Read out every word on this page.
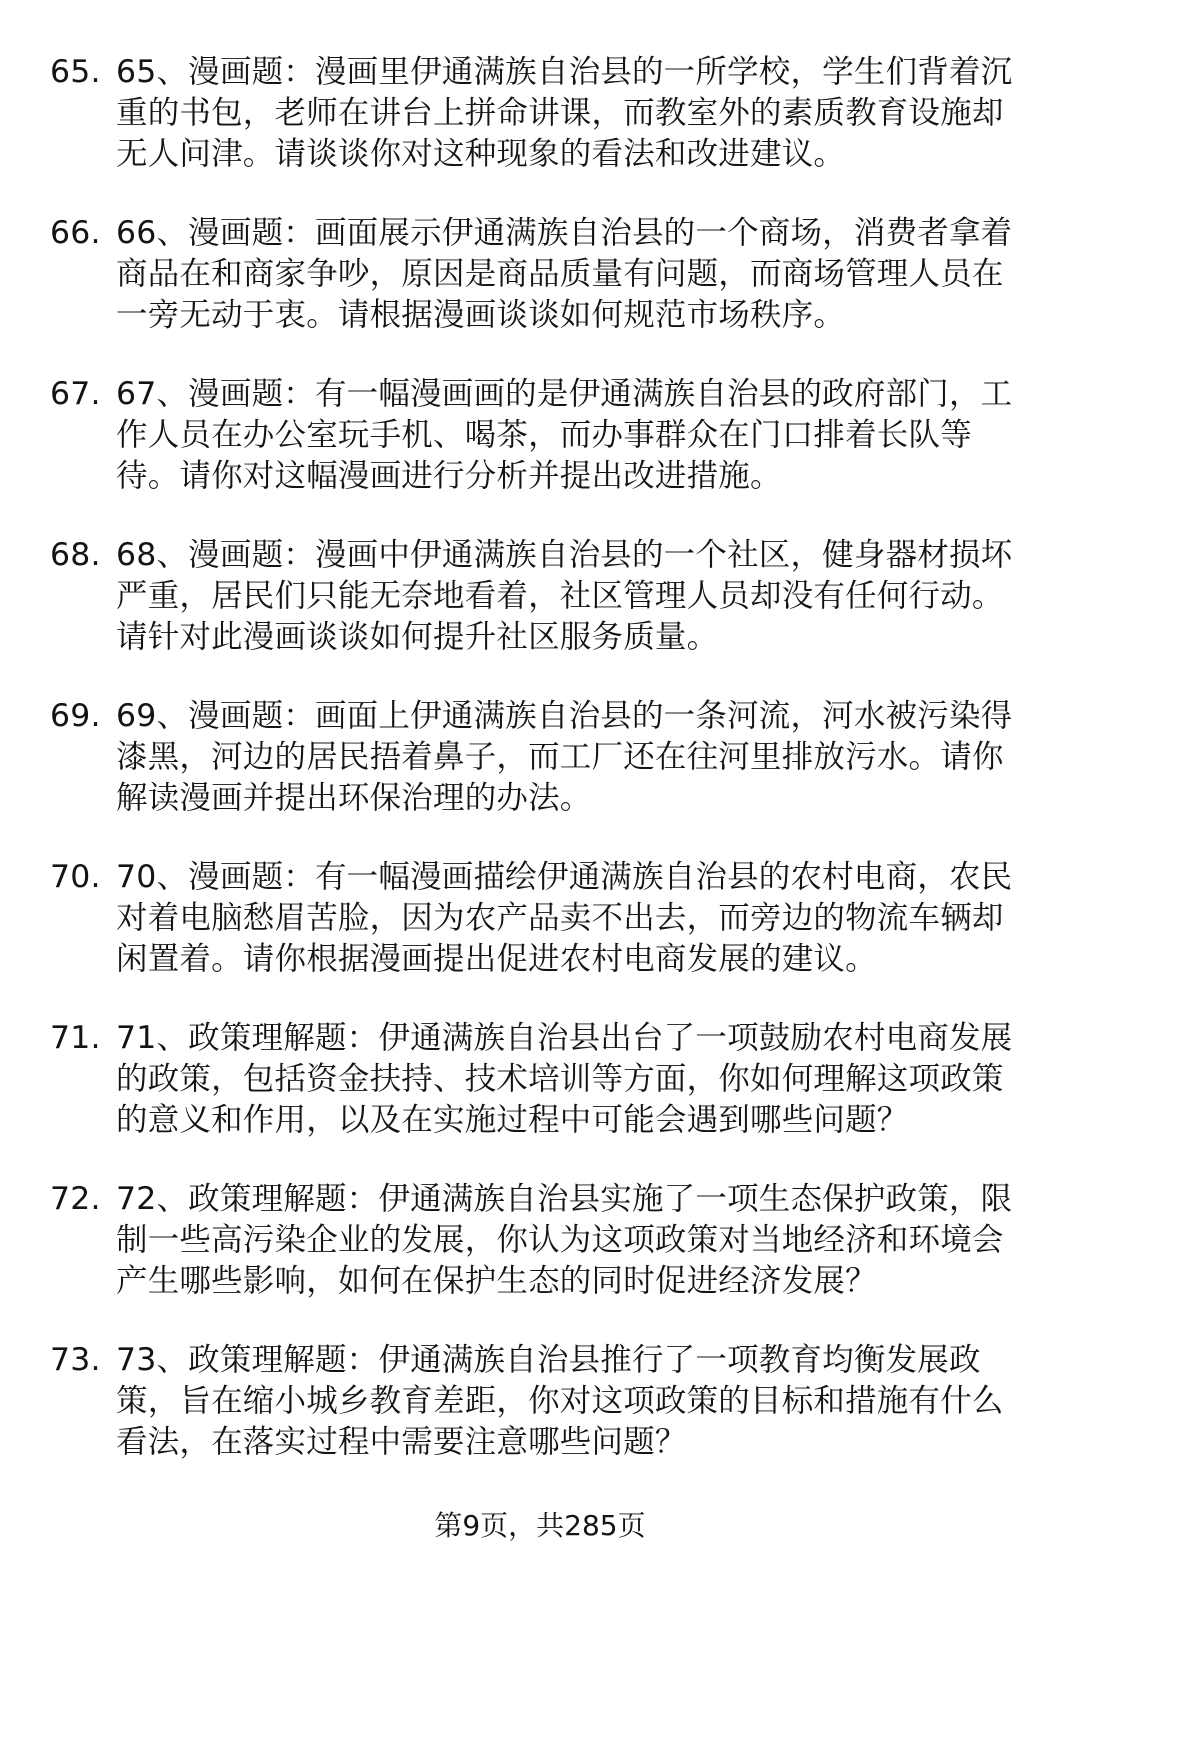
65. 65、漫画题：漫画里伊通满族自治县的一所学校，学生们背着沉重的书包，老师在讲台上拼命讲课，而教室外的素质教育设施却无人问津。请谈谈你对这种现象的看法和改进建议。
66. 66、漫画题：画面展示伊通满族自治县的一个商场，消费者拿着商品在和商家争吵，原因是商品质量有问题，而商场管理人员在一旁无动于衷。请根据漫画谈谈如何规范市场秩序。
67. 67、漫画题：有一幅漫画画的是伊通满族自治县的政府部门，工作人员在办公室玩手机、喝茶，而办事群众在门口排着长队等待。请你对这幅漫画进行分析并提出改进措施。
68. 68、漫画题：漫画中伊通满族自治县的一个社区，健身器材损坏严重，居民们只能无奈地看着，社区管理人员却没有任何行动。请针对此漫画谈谈如何提升社区服务质量。
69. 69、漫画题：画面上伊通满族自治县的一条河流，河水被污染得漆黑，河边的居民捂着鼻子，而工厂还在往河里排放污水。请你解读漫画并提出环保治理的办法。
70. 70、漫画题：有一幅漫画描绘伊通满族自治县的农村电商，农民对着电脑愁眉苦脸，因为农产品卖不出去，而旁边的物流车辆却闲置着。请你根据漫画提出促进农村电商发展的建议。
71. 71、政策理解题：伊通满族自治县出台了一项鼓励农村电商发展的政策，包括资金扶持、技术培训等方面，你如何理解这项政策的意义和作用，以及在实施过程中可能会遇到哪些问题？
72. 72、政策理解题：伊通满族自治县实施了一项生态保护政策，限制一些高污染企业的发展，你认为这项政策对当地经济和环境会产生哪些影响，如何在保护生态的同时促进经济发展？
73. 73、政策理解题：伊通满族自治县推行了一项教育均衡发展政策，旨在缩小城乡教育差距，你对这项政策的目标和措施有什么看法，在落实过程中需要注意哪些问题？
第9页，共285页
